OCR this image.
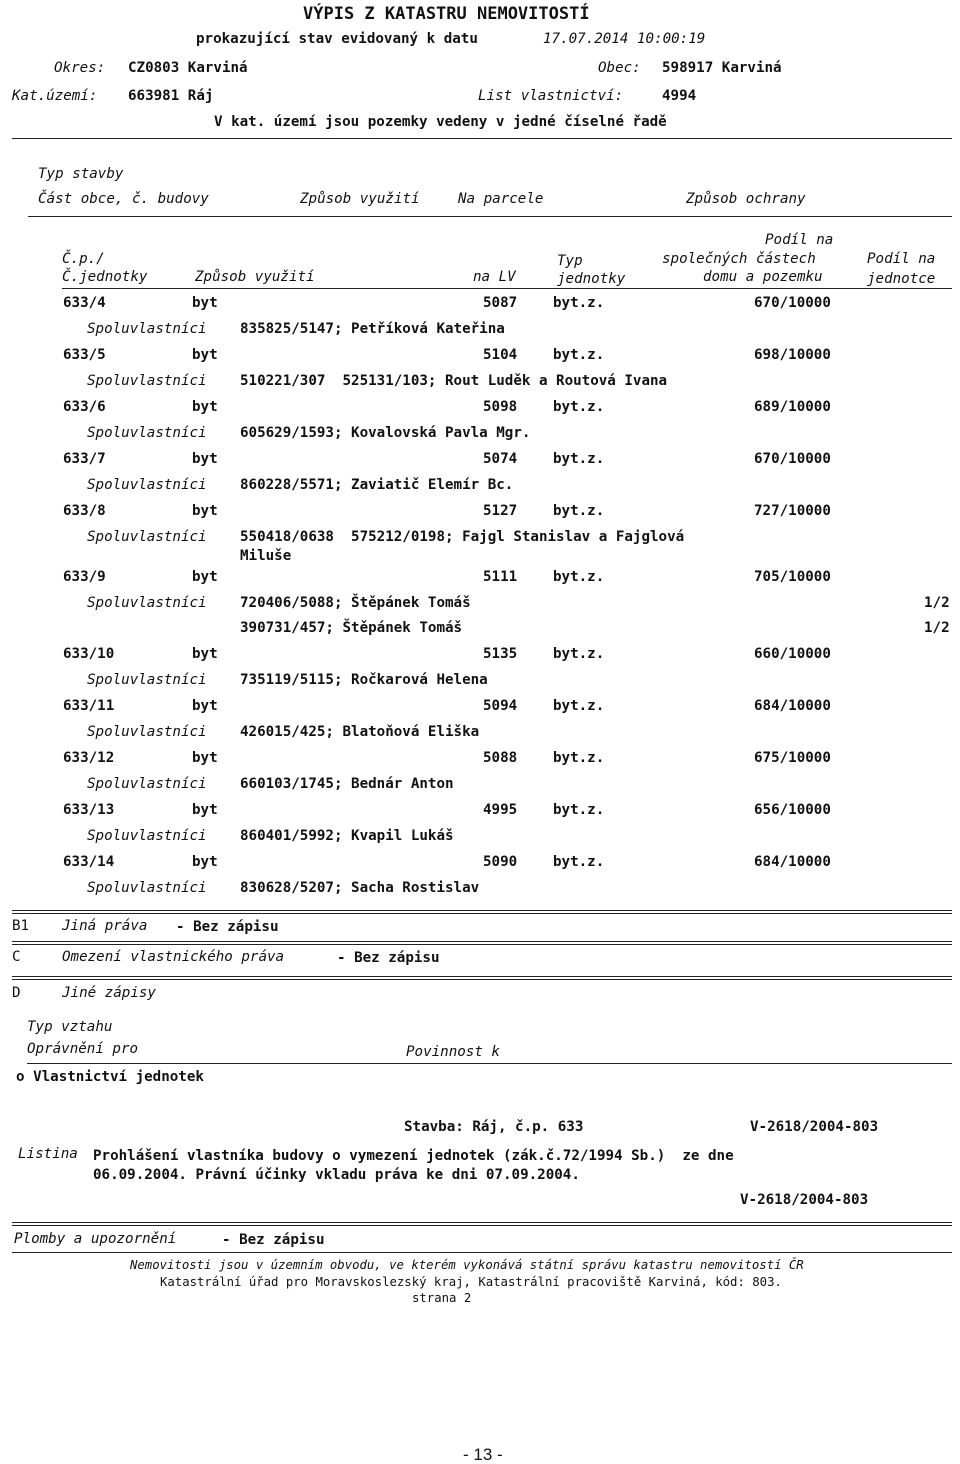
VÝPIS Z KATASTRU NEMOVITOSTÍ
prokazující stav evidovaný k datu	17.07.2014 10:00:19
Okres: CZ0803 Karviná	Obec: 598917 Karviná
Kat.území: 663981 Ráj	List vlastnictví:	4994
V kat. území jsou pozemky vedeny v jedné číselné řadě
Typ stavby
Část obce, č. budovy	Způsob využití	Na parcele	Způsob ochrany
Podíl na
Č.p./	Typ	společných částech	Podíl na
Č.jednotky	Způsob využití	na LV	jednotky	domu a pozemku	jednotce
633/4	byt	5087	byt.z.	670/10000
Spoluvlastníci 835825/5147; Petříková Kateřina
633/5	byt	5104	byt.z.	698/10000
Spoluvlastníci 510221/307  525131/103; Rout Luděk a Routová Ivana
633/6	byt	5098	byt.z.	689/10000
Spoluvlastníci 605629/1593; Kovalovská Pavla Mgr.
633/7	byt	5074	byt.z.	670/10000
Spoluvlastníci 860228/5571; Zaviatič Elemír Bc.
633/8	byt	5127	byt.z.	727/10000
Spoluvlastníci 550418/0638  575212/0198; Fajgl Stanislav a Fajglová
Miluše
633/9	byt	5111	byt.z.	705/10000
Spoluvlastníci 720406/5088; Štěpánek Tomáš	1/2
390731/457; Štěpánek Tomáš	1/2
633/10	byt	5135	byt.z.	660/10000
Spoluvlastníci 735119/5115; Ročkarová Helena
633/11	byt	5094	byt.z.	684/10000
Spoluvlastníci 426015/425; Blatoňová Eliška
633/12	byt	5088	byt.z.	675/10000
Spoluvlastníci 660103/1745; Bednár Anton
633/13	byt	4995	byt.z.	656/10000
Spoluvlastníci 860401/5992; Kvapil Lukáš
633/14	byt	5090	byt.z.	684/10000
Spoluvlastníci 830628/5207; Sacha Rostislav
B1 Jiná práva - Bez zápisu
C	Omezení vlastnického práva	- Bez zápisu
D	Jiné zápisy
Typ vztahu
Oprávnění pro	Povinnost k
o Vlastnictví jednotek
Stavba: Ráj, č.p. 633	V-2618/2004-803
Listina Prohlášení vlastníka budovy o vymezení jednotek (zák.č.72/1994 Sb.)  ze dne
06.09.2004. Právní účinky vkladu práva ke dni 07.09.2004.
V-2618/2004-803
Plomby a upozornění	- Bez zápisu
Nemovitosti jsou v územním obvodu, ve kterém vykonává státní správu katastru nemovitostí ČR
Katastrální úřad pro Moravskoslezský kraj, Katastrální pracoviště Karviná, kód: 803.
strana 2
- 13 -
